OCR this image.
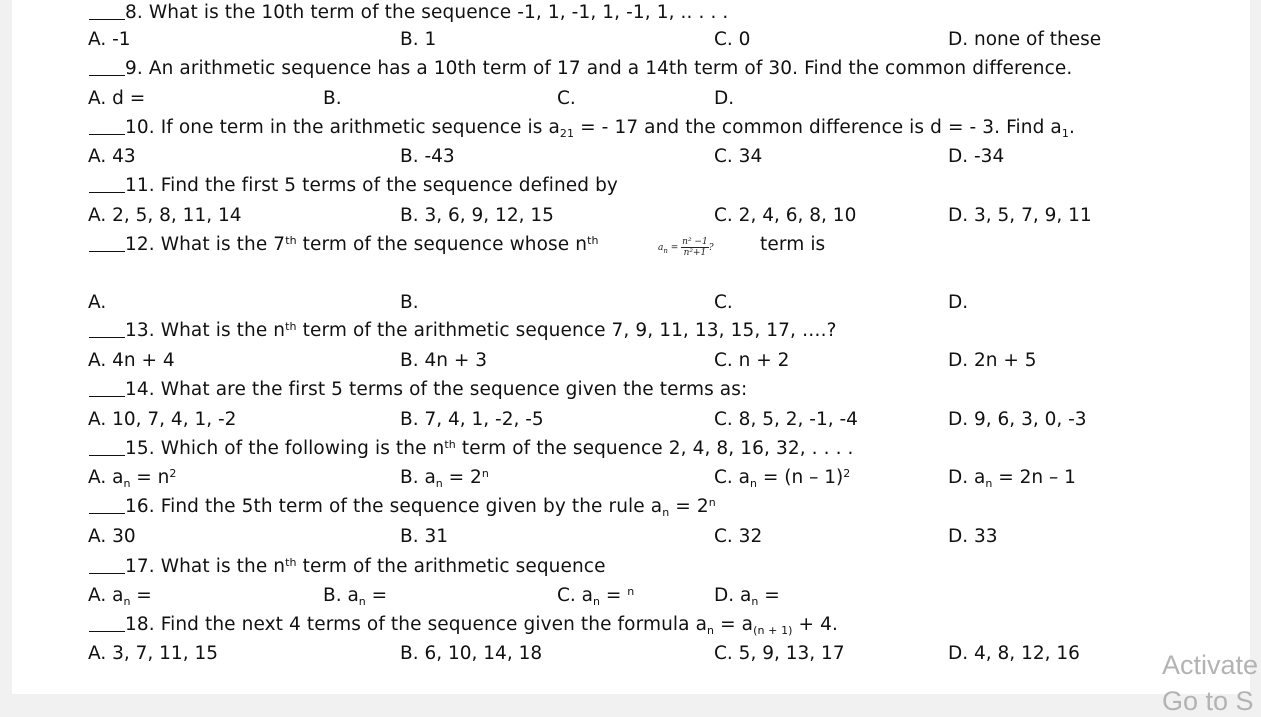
8. What is the 10th term of the sequence -1, 1, -1, 1, -1, 1, .. . . .
A. -1	B. 1	C. 0	D. none of these
9. An arithmetic sequence has a 10th term of 17 and a 14th term of 30. Find the common difference.
A. d =	B.	C.	D.
10. If one term in the arithmetic sequence is $a_{21}$ = - 17 and the common difference is d = - 3. Find $a_1$.
A. 43	B. -43	C. 34	D. -34
11. Find the first 5 terms of the sequence defined by
A. 2, 5, 8, 11, 14	B. 3, 6, 9, 12, 15	C. 2, 4, 6, 8, 10	D. 3, 5, 7, 9, 11
12. What is the 7th term of the sequence whose $n^{th}$
$a_n = \frac{\text{n² −1}}{\text{n²+1}}$ ?	term is
A.	B.	C.	D.
13. What is the $n^{th}$ term of the arithmetic sequence 7, 9, 11, 13, 15, 17, ….?
A. 4n + 4	B. 4n + 3	C. n + 2	D. 2n + 5
14. What are the first 5 terms of the sequence given the terms as:
A. 10, 7, 4, 1, -2	B. 7, 4, 1, -2, -5	C. 8, 5, 2, -1, -4	D. 9, 6, 3, 0, -3
15. Which of the following is the $n^{th}$ term of the sequence 2, 4, 8, 16, 32, . . . .
A. $a_n = n^2$	B. $a_n = 2^n$	C. $a_n = (n - 1)^2$	D. $a_n = 2n - 1$
16. Find the 5th term of the sequence given by the rule $a_n = 2^n$
A. 30	B. 31	C. 32	D. 33
17. What is the $n^{th}$ term of the arithmetic sequence
A. $a_n$ =	B. $a_n$ =	C. $a_n = ^n$	D. $a_n$ =
18. Find the next 4 terms of the sequence given the formula $a_n = a_{(n + 1)} + 4$.
A. 3, 7, 11, 15	B. 6, 10, 14, 18	C. 5, 9, 13, 17	D. 4, 8, 12, 16	Activate
Go to S
